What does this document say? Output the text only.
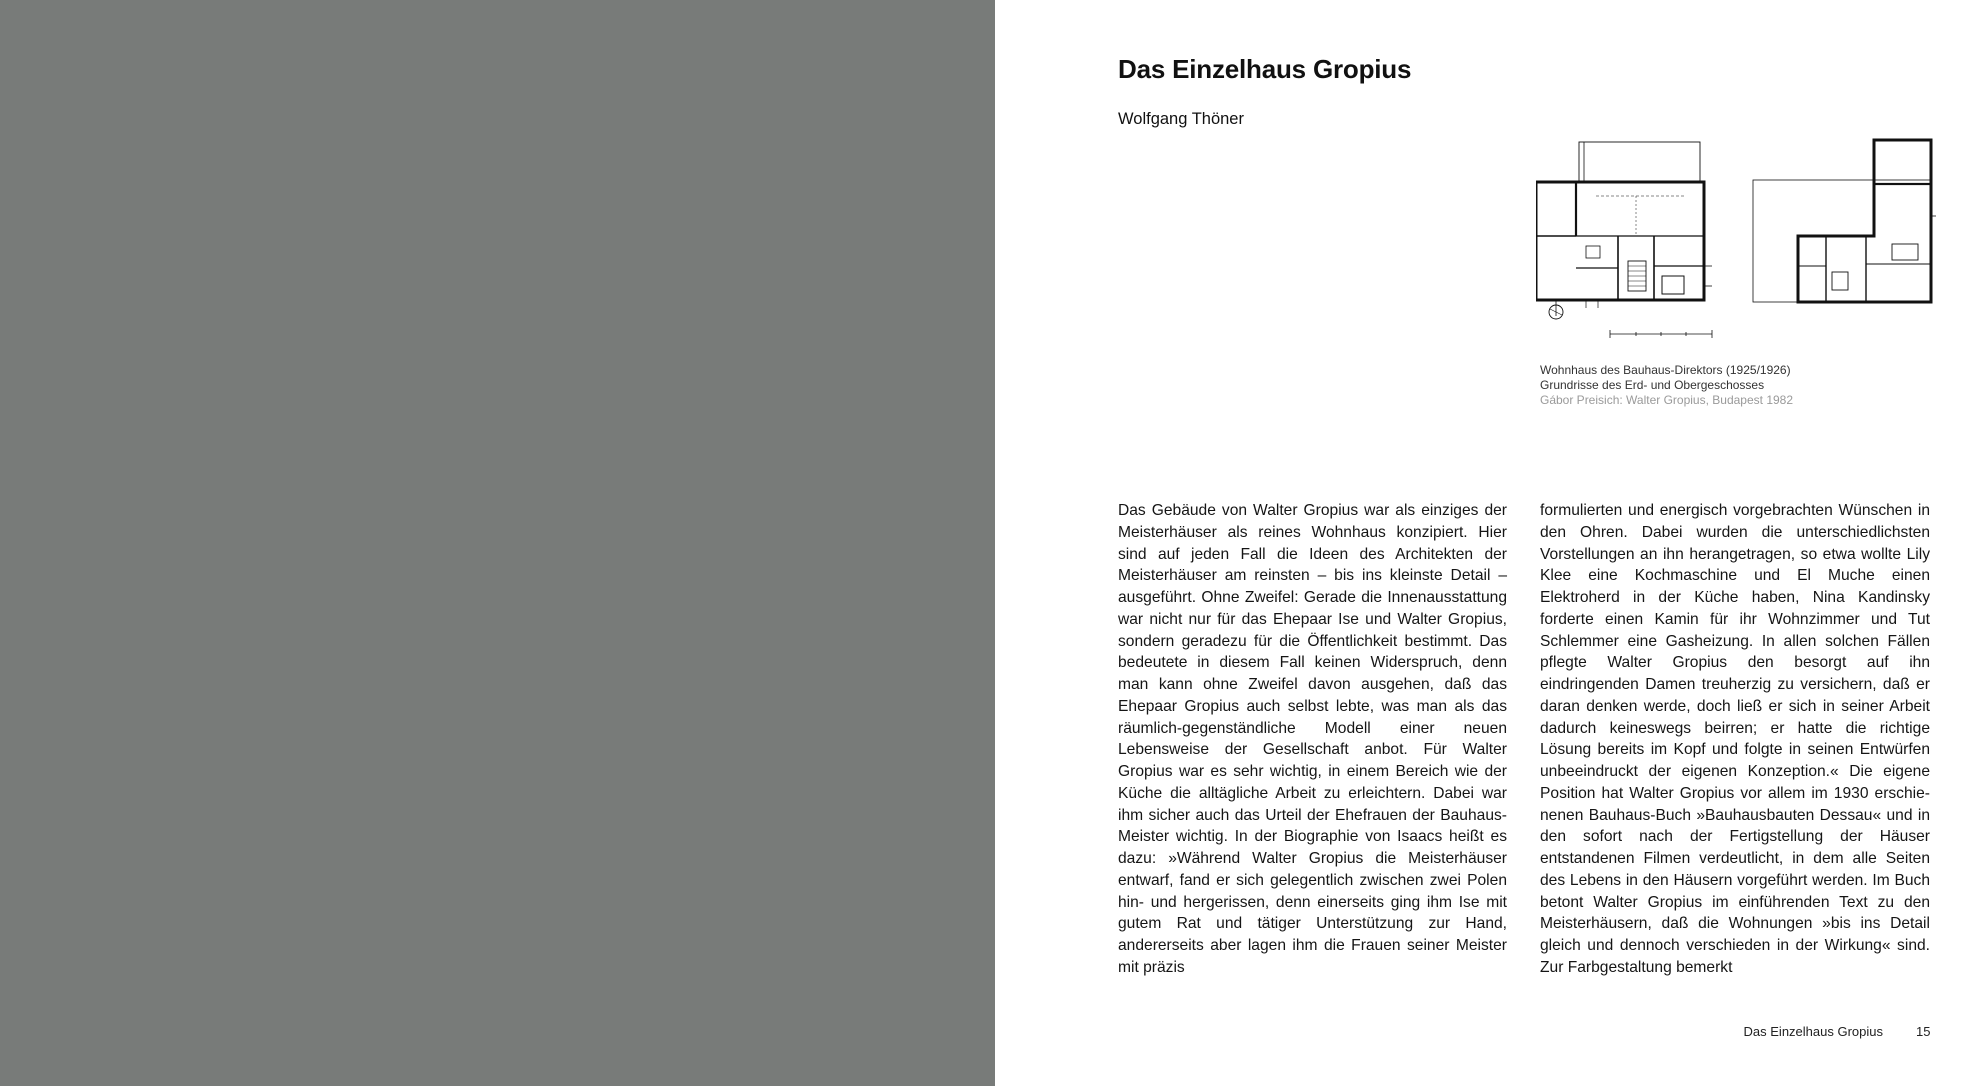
Das Einzelhaus Gropius
Wolfgang Thöner
Wohnhaus des Bauhaus-Direktors (1925/1926)
Grundrisse des Erd- und Obergeschosses
Gábor Preisich: Walter Gropius, Budapest 1982
Das Gebäude von Walter Gropius war als einziges der Meisterhäuser als reines Wohnhaus konzipiert. Hier sind auf jeden Fall die Ideen des Architekten der Meisterhäuser am reinsten – bis ins kleinste Detail – ausgeführt. Ohne Zweifel: Gerade die Innenausstattung war nicht nur für das Ehepaar Ise und Walter Gropius, sondern geradezu für die Öffentlichkeit bestimmt. Das bedeutete in diesem Fall keinen Widerspruch, denn man kann ohne Zweifel davon ausgehen, daß das Ehepaar Gropius auch selbst lebte, was man als das räumlich-gegenständliche Modell einer neuen Lebensweise der Gesellschaft anbot. Für Walter Gropius war es sehr wichtig, in einem Bereich wie der Küche die alltägliche Arbeit zu erleichtern. Dabei war ihm sicher auch das Urteil der Ehefrauen der Bauhaus-Meister wichtig. In der Biographie von Isaacs heißt es dazu: »Während Walter Gropius die Meisterhäuser entwarf, fand er sich gelegentlich zwischen zwei Polen hin- und hergerissen, denn einerseits ging ihm Ise mit gutem Rat und tätiger Unterstützung zur Hand, andererseits aber lagen ihm die Frauen seiner Meister mit präzis
formulierten und energisch vorgebrachten Wünschen in den Ohren. Dabei wurden die unterschiedlichsten Vorstellungen an ihn herangetragen, so etwa wollte Lily Klee eine Kochmaschine und El Muche einen Elektroherd in der Küche haben, Nina Kandinsky forderte einen Kamin für ihr Wohnzimmer und Tut Schlemmer eine Gasheizung. In allen solchen Fällen pflegte Walter Gropius den besorgt auf ihn eindringenden Damen treuherzig zu versichern, daß er daran denken werde, doch ließ er sich in seiner Arbeit dadurch keineswegs beirren; er hatte die richtige Lösung bereits im Kopf und folgte in seinen Entwürfen unbeeindruckt der eigenen Konzeption.« Die eigene Position hat Walter Gropius vor allem im 1930 erschienenen Bauhaus-Buch »Bauhausbauten Dessau« und in den sofort nach der Fertigstellung der Häuser entstandenen Filmen verdeutlicht, in dem alle Seiten des Lebens in den Häusern vorgeführt werden. Im Buch betont Walter Gropius im einführenden Text zu den Meisterhäusern, daß die Wohnungen »bis ins Detail gleich und dennoch verschieden in der Wirkung« sind. Zur Farbgestaltung bemerkt
Das Einzelhaus Gropius	15
